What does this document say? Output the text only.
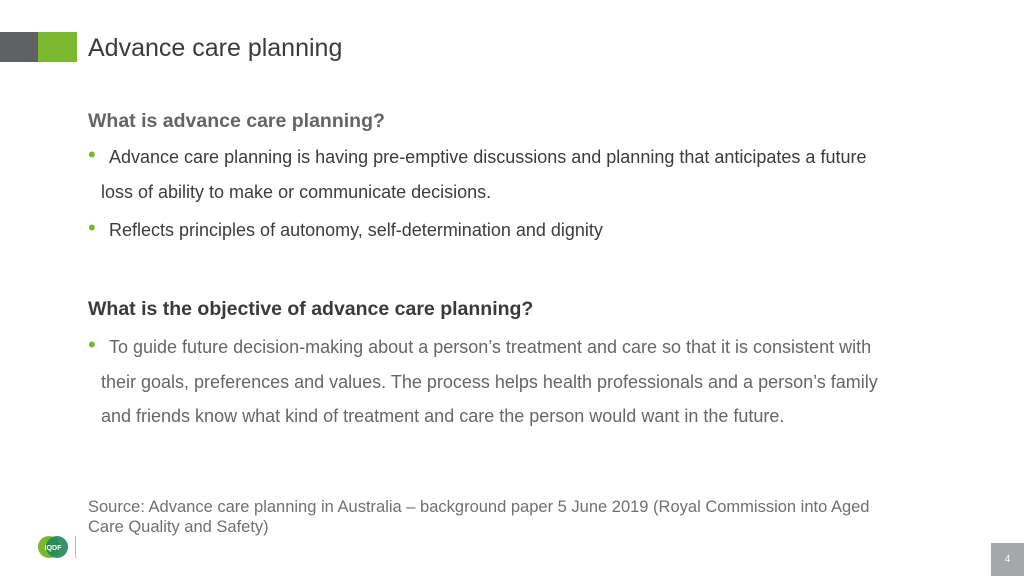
Advance care planning
What is advance care planning?
• Advance care planning is having pre-emptive discussions and planning that anticipates a future
loss of ability to make or communicate decisions.
• Reflects principles of autonomy, self-determination and dignity
What is the objective of advance care planning?
• To guide future decision-making about a person’s treatment and care so that it is consistent with
their goals, preferences and values. The process helps health professionals and a person’s family
and friends know what kind of treatment and care the person would want in the future.
Source: Advance care planning in Australia – background paper 5 June 2019 (Royal Commission into Aged
Care Quality and Safety)
IQDF
4
